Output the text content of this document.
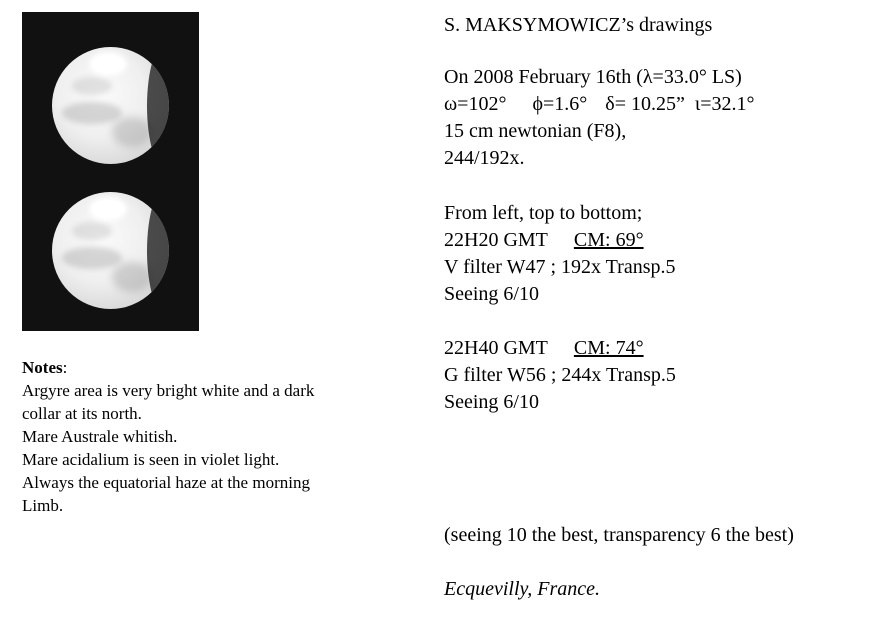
Notes:
Argyre area is very bright white and a dark
collar at its north.
Mare Australe whitish.
Mare acidalium is seen in violet light.
Always the equatorial haze at the morning
Limb.
S. MAKSYMOWICZ’s drawings
On 2008 February 16th (λ=33.0° LS)
ω=102° ϕ=1.6° δ= 10.25” ι=32.1°
15 cm newtonian (F8),
244/192x.
From left, top to bottom;
22H20 GMT CM: 69°
V filter W47 ; 192x Transp.5
Seeing 6/10
22H40 GMT CM: 74°
G filter W56 ; 244x Transp.5
Seeing 6/10
(seeing 10 the best, transparency 6 the best)
Ecquevilly, France.
